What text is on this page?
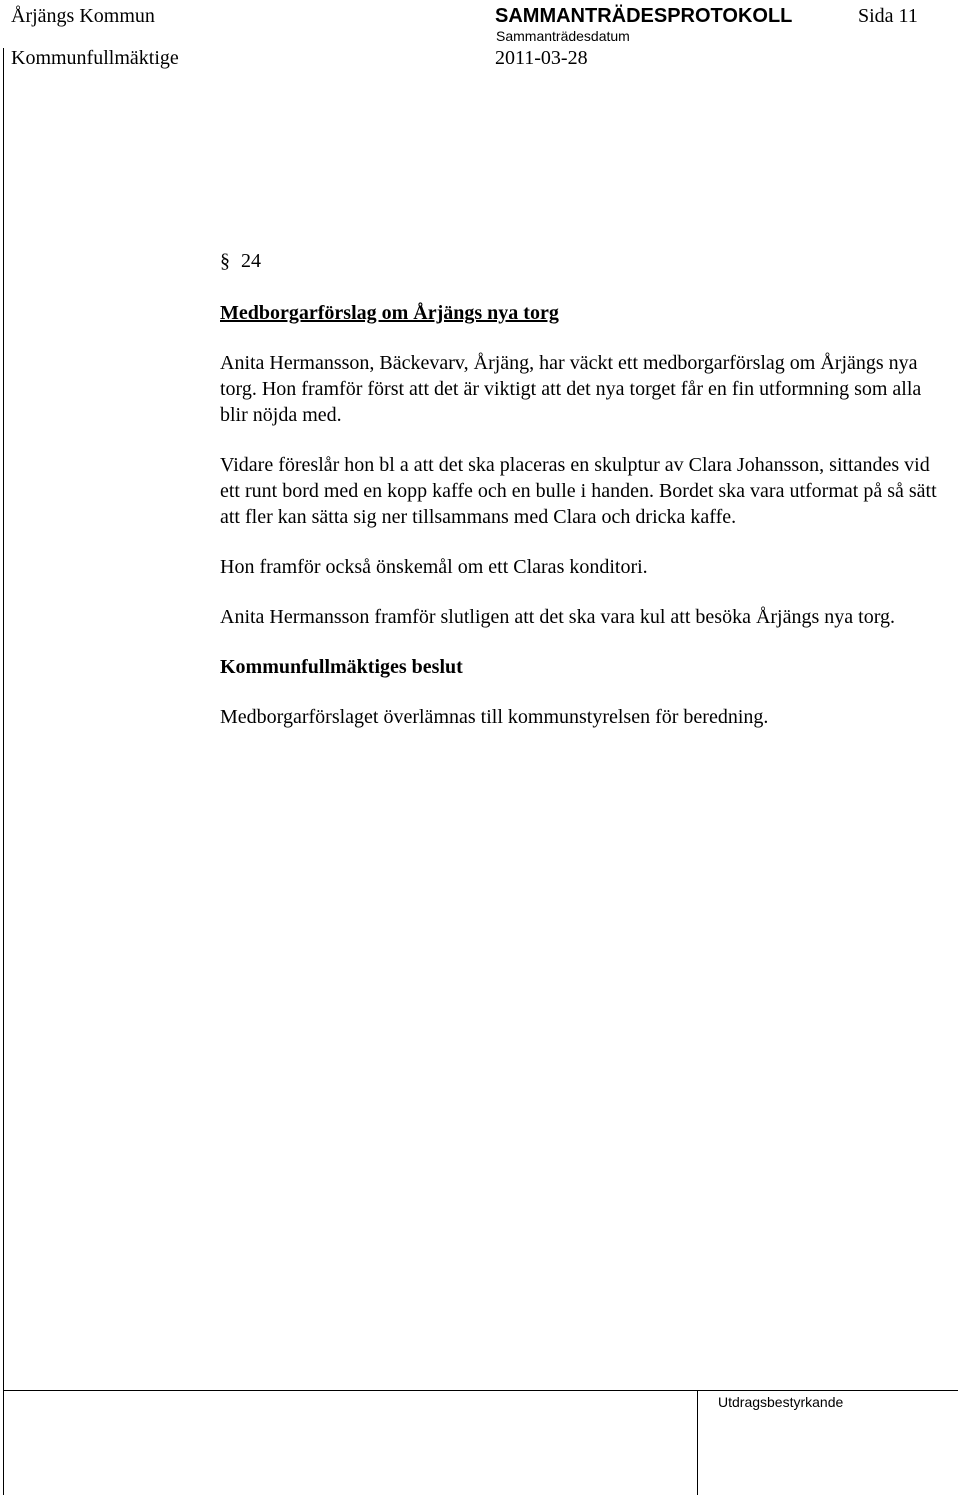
Årjängs Kommun	SAMMANTRÄDESPROTOKOLL	Sida 11
Kommunfullmäktige
Sammanträdesdatum
2011-03-28

§ 24

Medborgarförslag om Årjängs nya torg

Anita Hermansson, Bäckevarv, Årjäng, har väckt ett medborgarförslag om Årjängs nya torg. Hon framför först att det är viktigt att det nya torget får en fin utformning som alla blir nöjda med.

Vidare föreslår hon bl a att det ska placeras en skulptur av Clara Johansson, sittandes vid ett runt bord med en kopp kaffe och en bulle i handen. Bordet ska vara utformat på så sätt att fler kan sätta sig ner tillsammans med Clara och dricka kaffe.

Hon framför också önskemål om ett Claras konditori.

Anita Hermansson framför slutligen att det ska vara kul att besöka Årjängs nya torg.

Kommunfullmäktiges beslut

Medborgarförslaget överlämnas till kommunstyrelsen för beredning.

Utdragsbestyrkande
